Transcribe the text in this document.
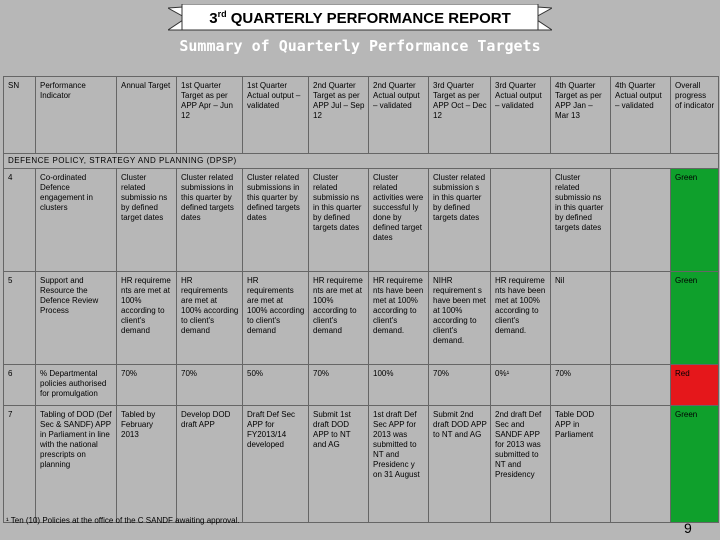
3rd QUARTERLY PERFORMANCE REPORT
Summary of Quarterly Performance Targets
SN	Performance Indicator	Annual Target	1st Quarter Target as per APP Apr – Jun 12	1st Quarter Actual output – validated	2nd Quarter Target as per APP Jul – Sep 12	2nd Quarter Actual output – validated	3rd Quarter Target as per APP Oct – Dec 12	3rd Quarter Actual output – validated	4th Quarter Target as per APP Jan – Mar 13	4th Quarter Actual output – validated	Overall progress of indicator
DEFENCE POLICY, STRATEGY AND PLANNING (DPSP)											
4	Co-ordinated Defence engagement in clusters	Cluster related submissio ns by defined target dates	Cluster related submissions in this quarter by defined targets dates	Cluster related submissions in this quarter by defined targets dates	Cluster related submissio ns in this quarter by defined targets dates	Cluster related activities were successful ly done by defined target dates	Cluster related submission s in this quarter by defined targets dates		Cluster related submissio ns in this quarter by defined targets dates		Green
5	Support and Resource the Defence Review Process	HR requireme nts are met at 100% according to client's demand	HR requirements are met at 100% according to client's demand	HR requirements are met at 100% according to client's demand	HR requireme nts are met at 100% according to client's demand	HR requireme nts have been met at 100% according to client's demand.	NIHR requirement s have been met at 100% according to client's demand.	HR requireme nts have been met at 100% according to client's demand.	Nil		Green
6	% Departmental policies authorised for promulgation	70%	70%	50%	70%	100%	70%	0%¹	70%		Red
7	Tabling of DOD (Def Sec & SANDF) APP in Parliament in line with the national prescripts on planning	Tabled by February 2013	Develop DOD draft APP	Draft Def Sec APP for FY2013/14 developed	Submit 1st draft DOD APP to NT and AG	1st draft Def Sec APP for 2013 was submitted to NT and Presidenc y on 31 August	Submit 2nd draft DOD APP to NT and AG	2nd draft Def Sec and SANDF APP for 2013 was submitted to NT and Presidency	Table DOD APP in Parliament		Green
¹ Ten (10) Policies at the office of the C SANDF awaiting approval.	9
